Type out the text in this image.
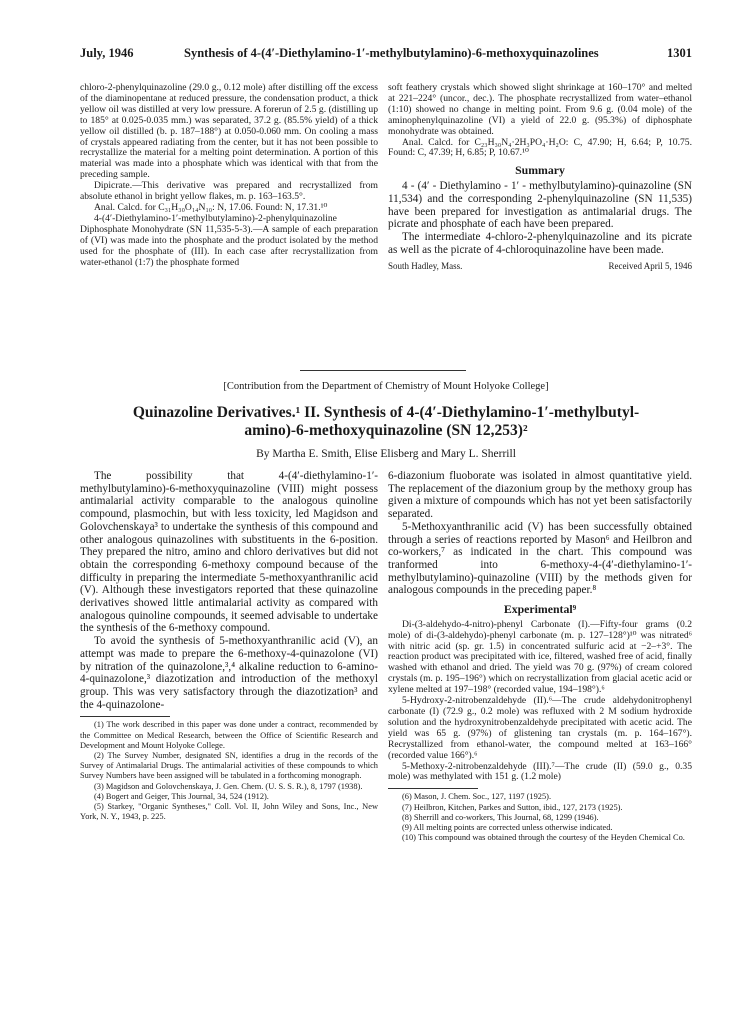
July, 1946	Synthesis of 4-(4′-Diethylamino-1′-methylbutylamino)-6-methoxyquinazolines	1301

chloro-2-phenylquinazoline (29.0 g., 0.12 mole) after distilling off the excess of the diaminopentane at reduced pressure, the condensation product, a thick yellow oil was distilled at very low pressure. A forerun of 2.5 g. (distilling up to 185° at 0.025-0.035 mm.) was separated, 37.2 g. (85.5% yield) of a thick yellow oil distilled (b. p. 187–188°) at 0.050-0.060 mm. On cooling a mass of crystals appeared radiating from the center, but it has not been possible to recrystallize the material for a melting point determination. A portion of this material was made into a phosphate which was identical with that from the preceding sample.

Dipicrate.—This derivative was prepared and recrystallized from absolute ethanol in bright yellow flakes, m. p. 163–163.5°.

Anal. Calcd. for C₃₁H₃₀O₁₄N₁₀: N, 17.06. Found: N, 17.31.¹⁰

4-(4′-Diethylamino-1′-methylbutylamino)-2-phenylquinazoline Diphosphate Monohydrate (SN 11,535-5-3).—A sample of each preparation of (VI) was made into the phosphate and the product isolated by the method used for the phosphate of (III). In each case after recrystallization from water-ethanol (1:7) the phosphate formed

soft feathery crystals which showed slight shrinkage at 160–170° and melted at 221–224° (uncor., dec.). The phosphate recrystallized from water–ethanol (1:10) showed no change in melting point. From 9.6 g. (0.04 mole) of the aminophenylquinazoline (VI) a yield of 22.0 g. (95.3%) of diphosphate monohydrate was obtained.

Anal. Calcd. for C₂₃H₃₀N₄·2H₃PO₄·H₂O: C, 47.90; H, 6.64; P, 10.75. Found: C, 47.39; H, 6.85; P, 10.67.¹⁰

Summary

4 - (4′ - Diethylamino - 1′ - methylbutylamino)-quinazoline (SN 11,534) and the corresponding 2-phenylquinazoline (SN 11,535) have been prepared for investigation as antimalarial drugs. The picrate and phosphate of each have been prepared.

The intermediate 4-chloro-2-phenylquinazoline and its picrate as well as the picrate of 4-chloroquinazoline have been made.

South Hadley, Mass.	Received April 5, 1946
[Contribution from the Department of Chemistry of Mount Holyoke College]
Quinazoline Derivatives.¹ II. Synthesis of 4-(4′-Diethylamino-1′-methylbutyl-
amino)-6-methoxyquinazoline (SN 12,253)²
By Martha E. Smith, Elise Elisberg and Mary L. Sherrill

The possibility that 4-(4′-diethylamino-1′-methylbutylamino)-6-methoxyquinazoline (VIII) might possess antimalarial activity comparable to the analogous quinoline compound, plasmochin, but with less toxicity, led Magidson and Golovchenskaya³ to undertake the synthesis of this compound and other analogous quinazolines with substituents in the 6-position. They prepared the nitro, amino and chloro derivatives but did not obtain the corresponding 6-methoxy compound because of the difficulty in preparing the intermediate 5-methoxyanthranilic acid (V). Although these investigators reported that these quinazoline derivatives showed little antimalarial activity as compared with analogous quinoline compounds, it seemed advisable to undertake the synthesis of the 6-methoxy compound.

To avoid the synthesis of 5-methoxyanthranilic acid (V), an attempt was made to prepare the 6-methoxy-4-quinazolone (VI) by nitration of the quinazolone,³,⁴ alkaline reduction to 6-amino-4-quinazolone,³ diazotization and introduction of the methoxyl group. This was very satisfactory through the diazotization³ and the 4-quinazolone-

(1) The work described in this paper was done under a contract, recommended by the Committee on Medical Research, between the Office of Scientific Research and Development and Mount Holyoke College.

(2) The Survey Number, designated SN, identifies a drug in the records of the Survey of Antimalarial Drugs. The antimalarial activities of these compounds to which Survey Numbers have been assigned will be tabulated in a forthcoming monograph.

(3) Magidson and Golovchenskaya, J. Gen. Chem. (U. S. S. R.), 8, 1797 (1938).

(4) Bogert and Geiger, This Journal, 34, 524 (1912).

(5) Starkey, "Organic Syntheses," Coll. Vol. II, John Wiley and Sons, Inc., New York, N. Y., 1943, p. 225.

6-diazonium fluoborate was isolated in almost quantitative yield. The replacement of the diazonium group by the methoxy group has given a mixture of compounds which has not yet been satisfactorily separated.

5-Methoxyanthranilic acid (V) has been successfully obtained through a series of reactions reported by Mason⁶ and Heilbron and co-workers,⁷ as indicated in the chart. This compound was tranformed into 6-methoxy-4-(4′-diethylamino-1′-methylbutylamino)-quinazoline (VIII) by the methods given for analogous compounds in the preceding paper.⁸

Experimental⁹

Di-(3-aldehydo-4-nitro)-phenyl Carbonate (I).—Fifty-four grams (0.2 mole) of di-(3-aldehydo)-phenyl carbonate (m. p. 127–128°)¹⁰ was nitrated⁶ with nitric acid (sp. gr. 1.5) in concentrated sulfuric acid at −2–+3°. The reaction product was precipitated with ice, filtered, washed free of acid, finally washed with ethanol and dried. The yield was 70 g. (97%) of cream colored crystals (m. p. 195–196°) which on recrystallization from glacial acetic acid or xylene melted at 197–198° (recorded value, 194–198°).⁶

5-Hydroxy-2-nitrobenzaldehyde (II).⁶—The crude aldehydonitrophenyl carbonate (I) (72.9 g., 0.2 mole) was refluxed with 2 M sodium hydroxide solution and the hydroxynitrobenzaldehyde precipitated with acetic acid. The yield was 65 g. (97%) of glistening tan crystals (m. p. 164–167°). Recrystallized from ethanol-water, the compound melted at 163–166° (recorded value 166°).⁶

5-Methoxy-2-nitrobenzaldehyde (III).⁷—The crude (II) (59.0 g., 0.35 mole) was methylated with 151 g. (1.2 mole)

(6) Mason, J. Chem. Soc., 127, 1197 (1925).

(7) Heilbron, Kitchen, Parkes and Sutton, ibid., 127, 2173 (1925).

(8) Sherrill and co-workers, This Journal, 68, 1299 (1946).

(9) All melting points are corrected unless otherwise indicated.

(10) This compound was obtained through the courtesy of the Heyden Chemical Co.
